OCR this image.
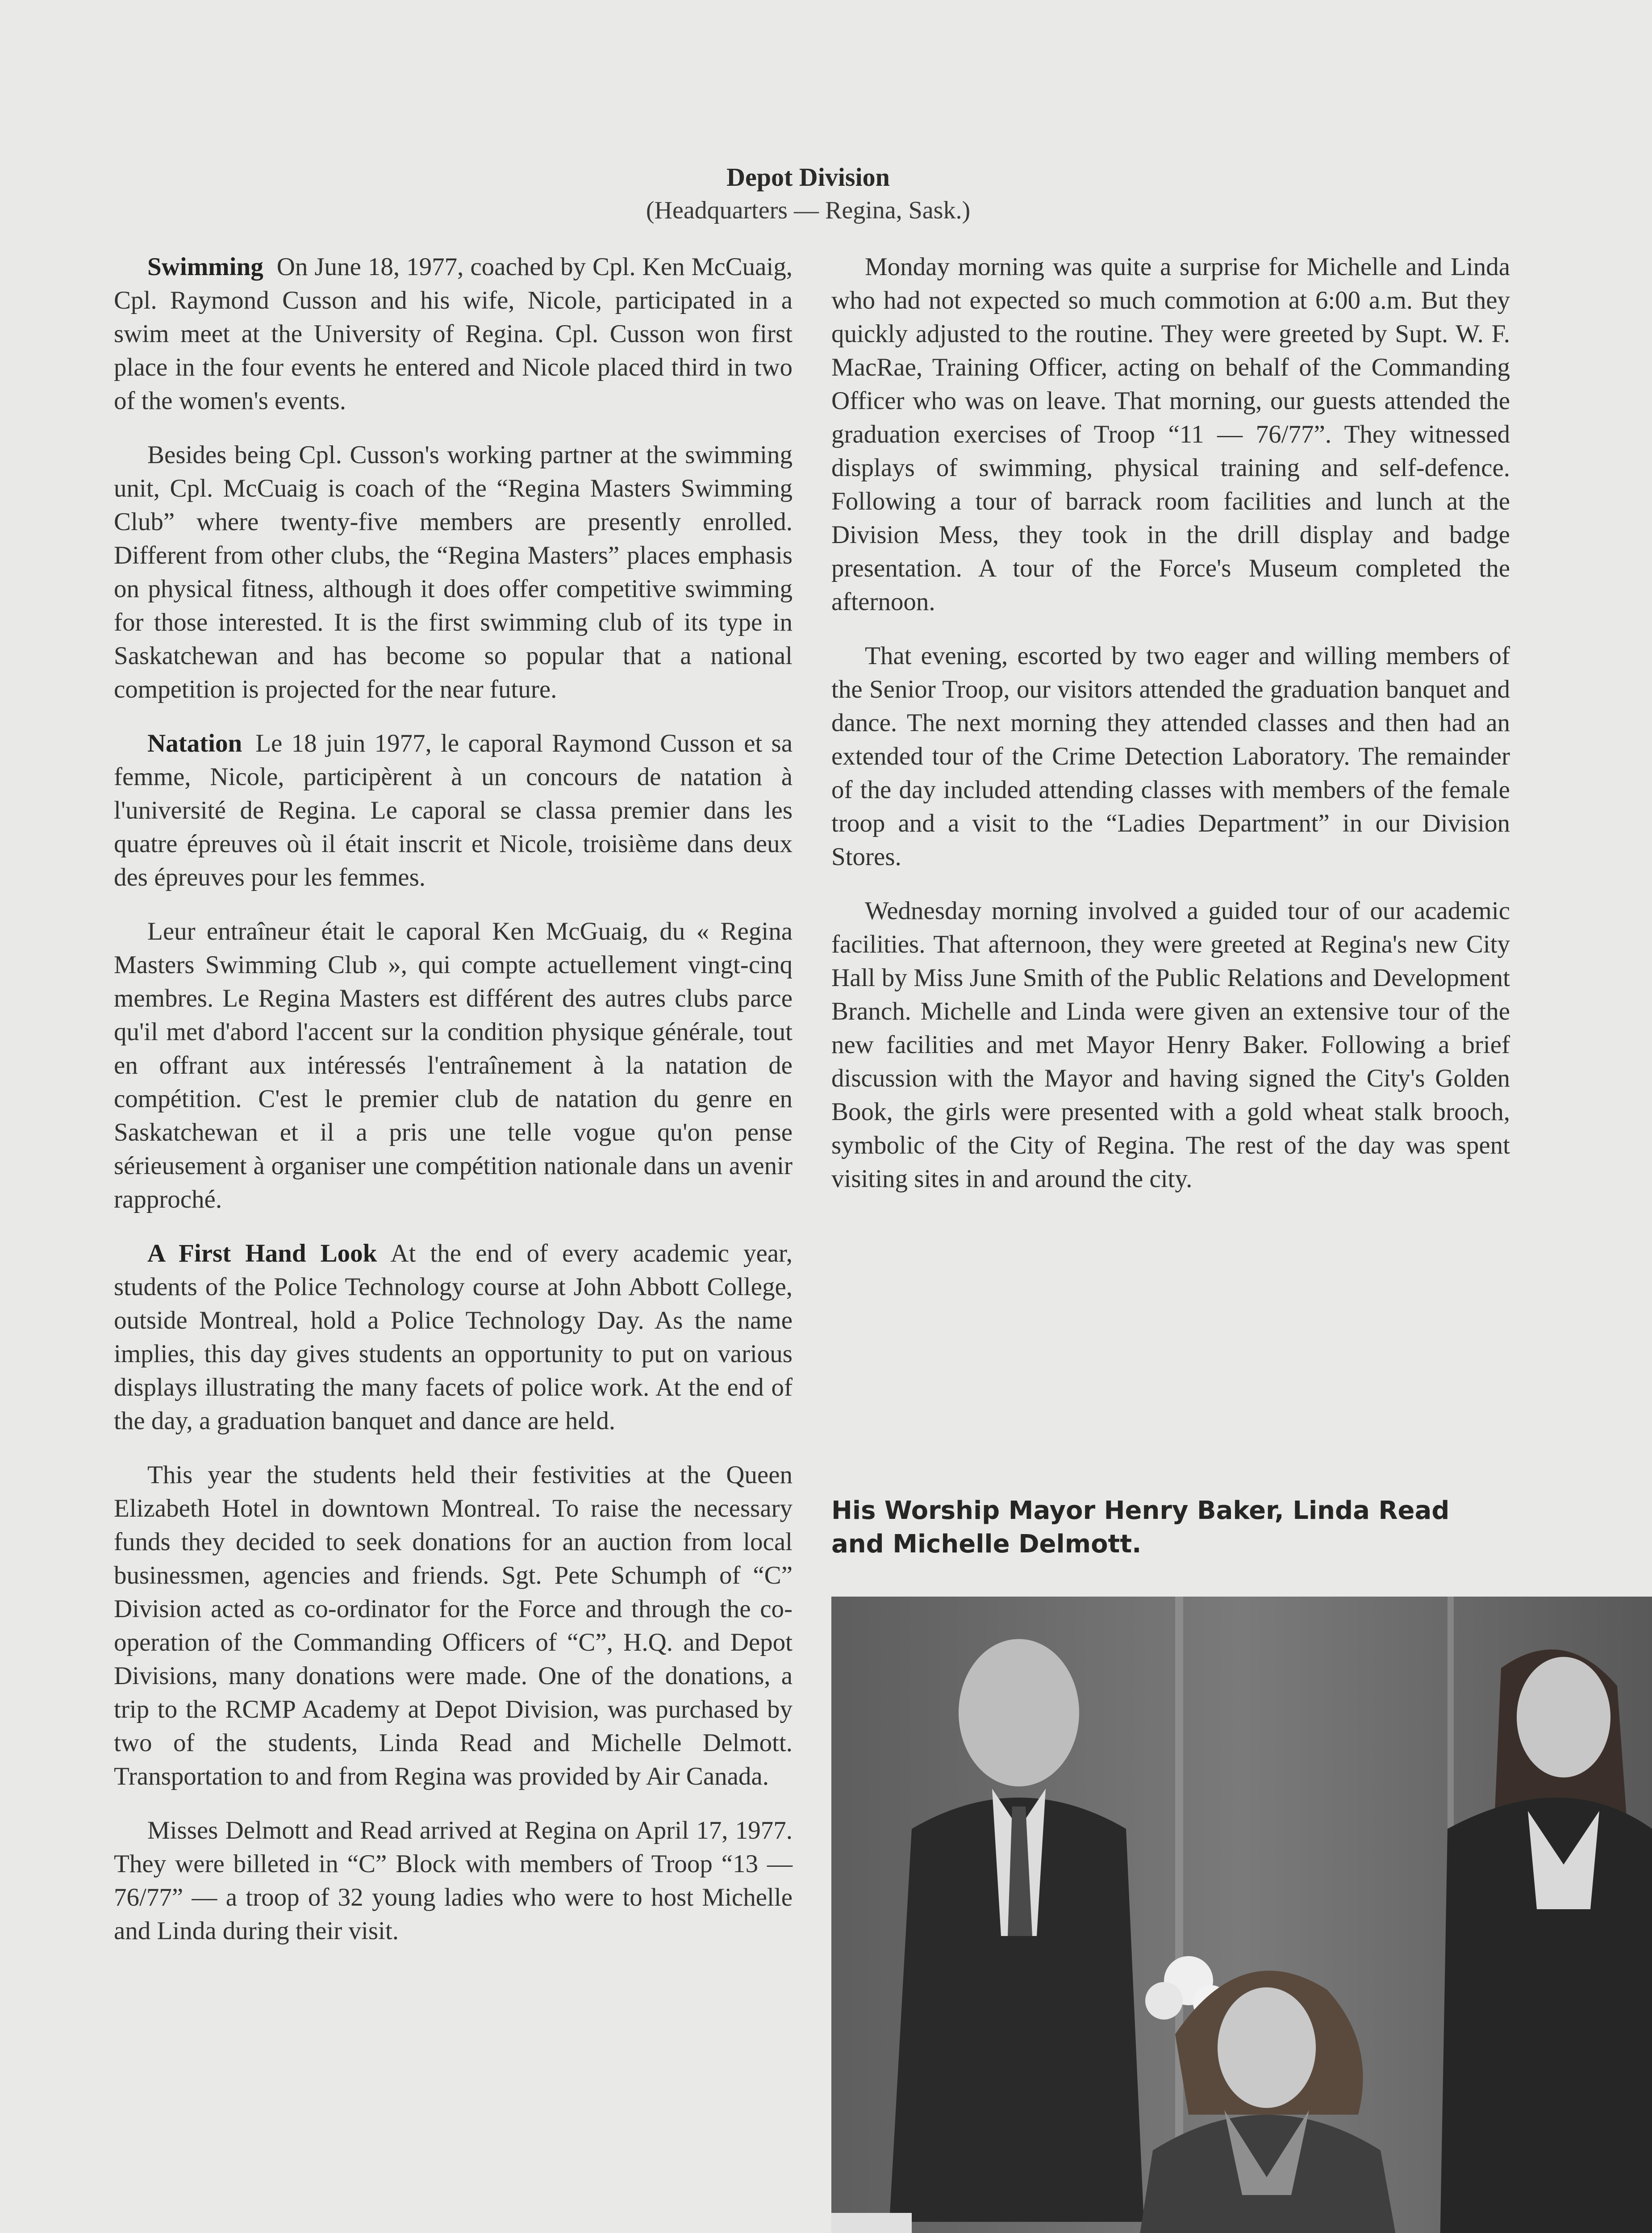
Depot Division
(Headquarters — Regina, Sask.)

Swimming On June 18, 1977, coached by Cpl. Ken McCuaig, Cpl. Raymond Cusson and his wife, Nicole, participated in a swim meet at the University of Regina. Cpl. Cusson won first place in the four events he entered and Nicole placed third in two of the women's events.

Besides being Cpl. Cusson's working partner at the swimming unit, Cpl. McCuaig is coach of the “Regina Masters Swimming Club” where twenty-five members are presently enrolled. Different from other clubs, the “Regina Masters” places emphasis on physical fitness, although it does offer competitive swimming for those interested. It is the first swimming club of its type in Saskatchewan and has become so popular that a national competition is projected for the near future.

Natation Le 18 juin 1977, le caporal Raymond Cusson et sa femme, Nicole, participèrent à un concours de natation à l'université de Regina. Le caporal se classa premier dans les quatre épreuves où il était inscrit et Nicole, troisième dans deux des épreuves pour les femmes.

Leur entraîneur était le caporal Ken McGuaig, du « Regina Masters Swimming Club », qui compte actuellement vingt-cinq membres. Le Regina Masters est différent des autres clubs parce qu'il met d'abord l'accent sur la condition physique générale, tout en offrant aux intéressés l'entraînement à la natation de compétition. C'est le premier club de natation du genre en Saskatchewan et il a pris une telle vogue qu'on pense sérieusement à organiser une compétition nationale dans un avenir rapproché.

A First Hand Look At the end of every academic year, students of the Police Technology course at John Abbott College, outside Montreal, hold a Police Technology Day. As the name implies, this day gives students an opportunity to put on various displays illustrating the many facets of police work. At the end of the day, a graduation banquet and dance are held.

This year the students held their festivities at the Queen Elizabeth Hotel in downtown Montreal. To raise the necessary funds they decided to seek donations for an auction from local businessmen, agencies and friends. Sgt. Pete Schumph of “C” Division acted as co-ordinator for the Force and through the co-operation of the Commanding Officers of “C”, H.Q. and Depot Divisions, many donations were made. One of the donations, a trip to the RCMP Academy at Depot Division, was purchased by two of the students, Linda Read and Michelle Delmott. Transportation to and from Regina was provided by Air Canada.

Misses Delmott and Read arrived at Regina on April 17, 1977. They were billeted in “C” Block with members of Troop “13 — 76/77” — a troop of 32 young ladies who were to host Michelle and Linda during their visit.

Monday morning was quite a surprise for Michelle and Linda who had not expected so much commotion at 6:00 a.m. But they quickly adjusted to the routine. They were greeted by Supt. W. F. MacRae, Training Officer, acting on behalf of the Commanding Officer who was on leave. That morning, our guests attended the graduation exercises of Troop “11 — 76/77”. They witnessed displays of swimming, physical training and self-defence. Following a tour of barrack room facilities and lunch at the Division Mess, they took in the drill display and badge presentation. A tour of the Force's Museum completed the afternoon.

That evening, escorted by two eager and willing members of the Senior Troop, our visitors attended the graduation banquet and dance. The next morning they attended classes and then had an extended tour of the Crime Detection Laboratory. The remainder of the day included attending classes with members of the female troop and a visit to the “Ladies Department” in our Division Stores.

Wednesday morning involved a guided tour of our academic facilities. That afternoon, they were greeted at Regina's new City Hall by Miss June Smith of the Public Relations and Development Branch. Michelle and Linda were given an extensive tour of the new facilities and met Mayor Henry Baker. Following a brief discussion with the Mayor and having signed the City's Golden Book, the girls were presented with a gold wheat stalk brooch, symbolic of the City of Regina. The rest of the day was spent visiting sites in and around the city.

His Worship Mayor Henry Baker, Linda Read and Michelle Delmott.
